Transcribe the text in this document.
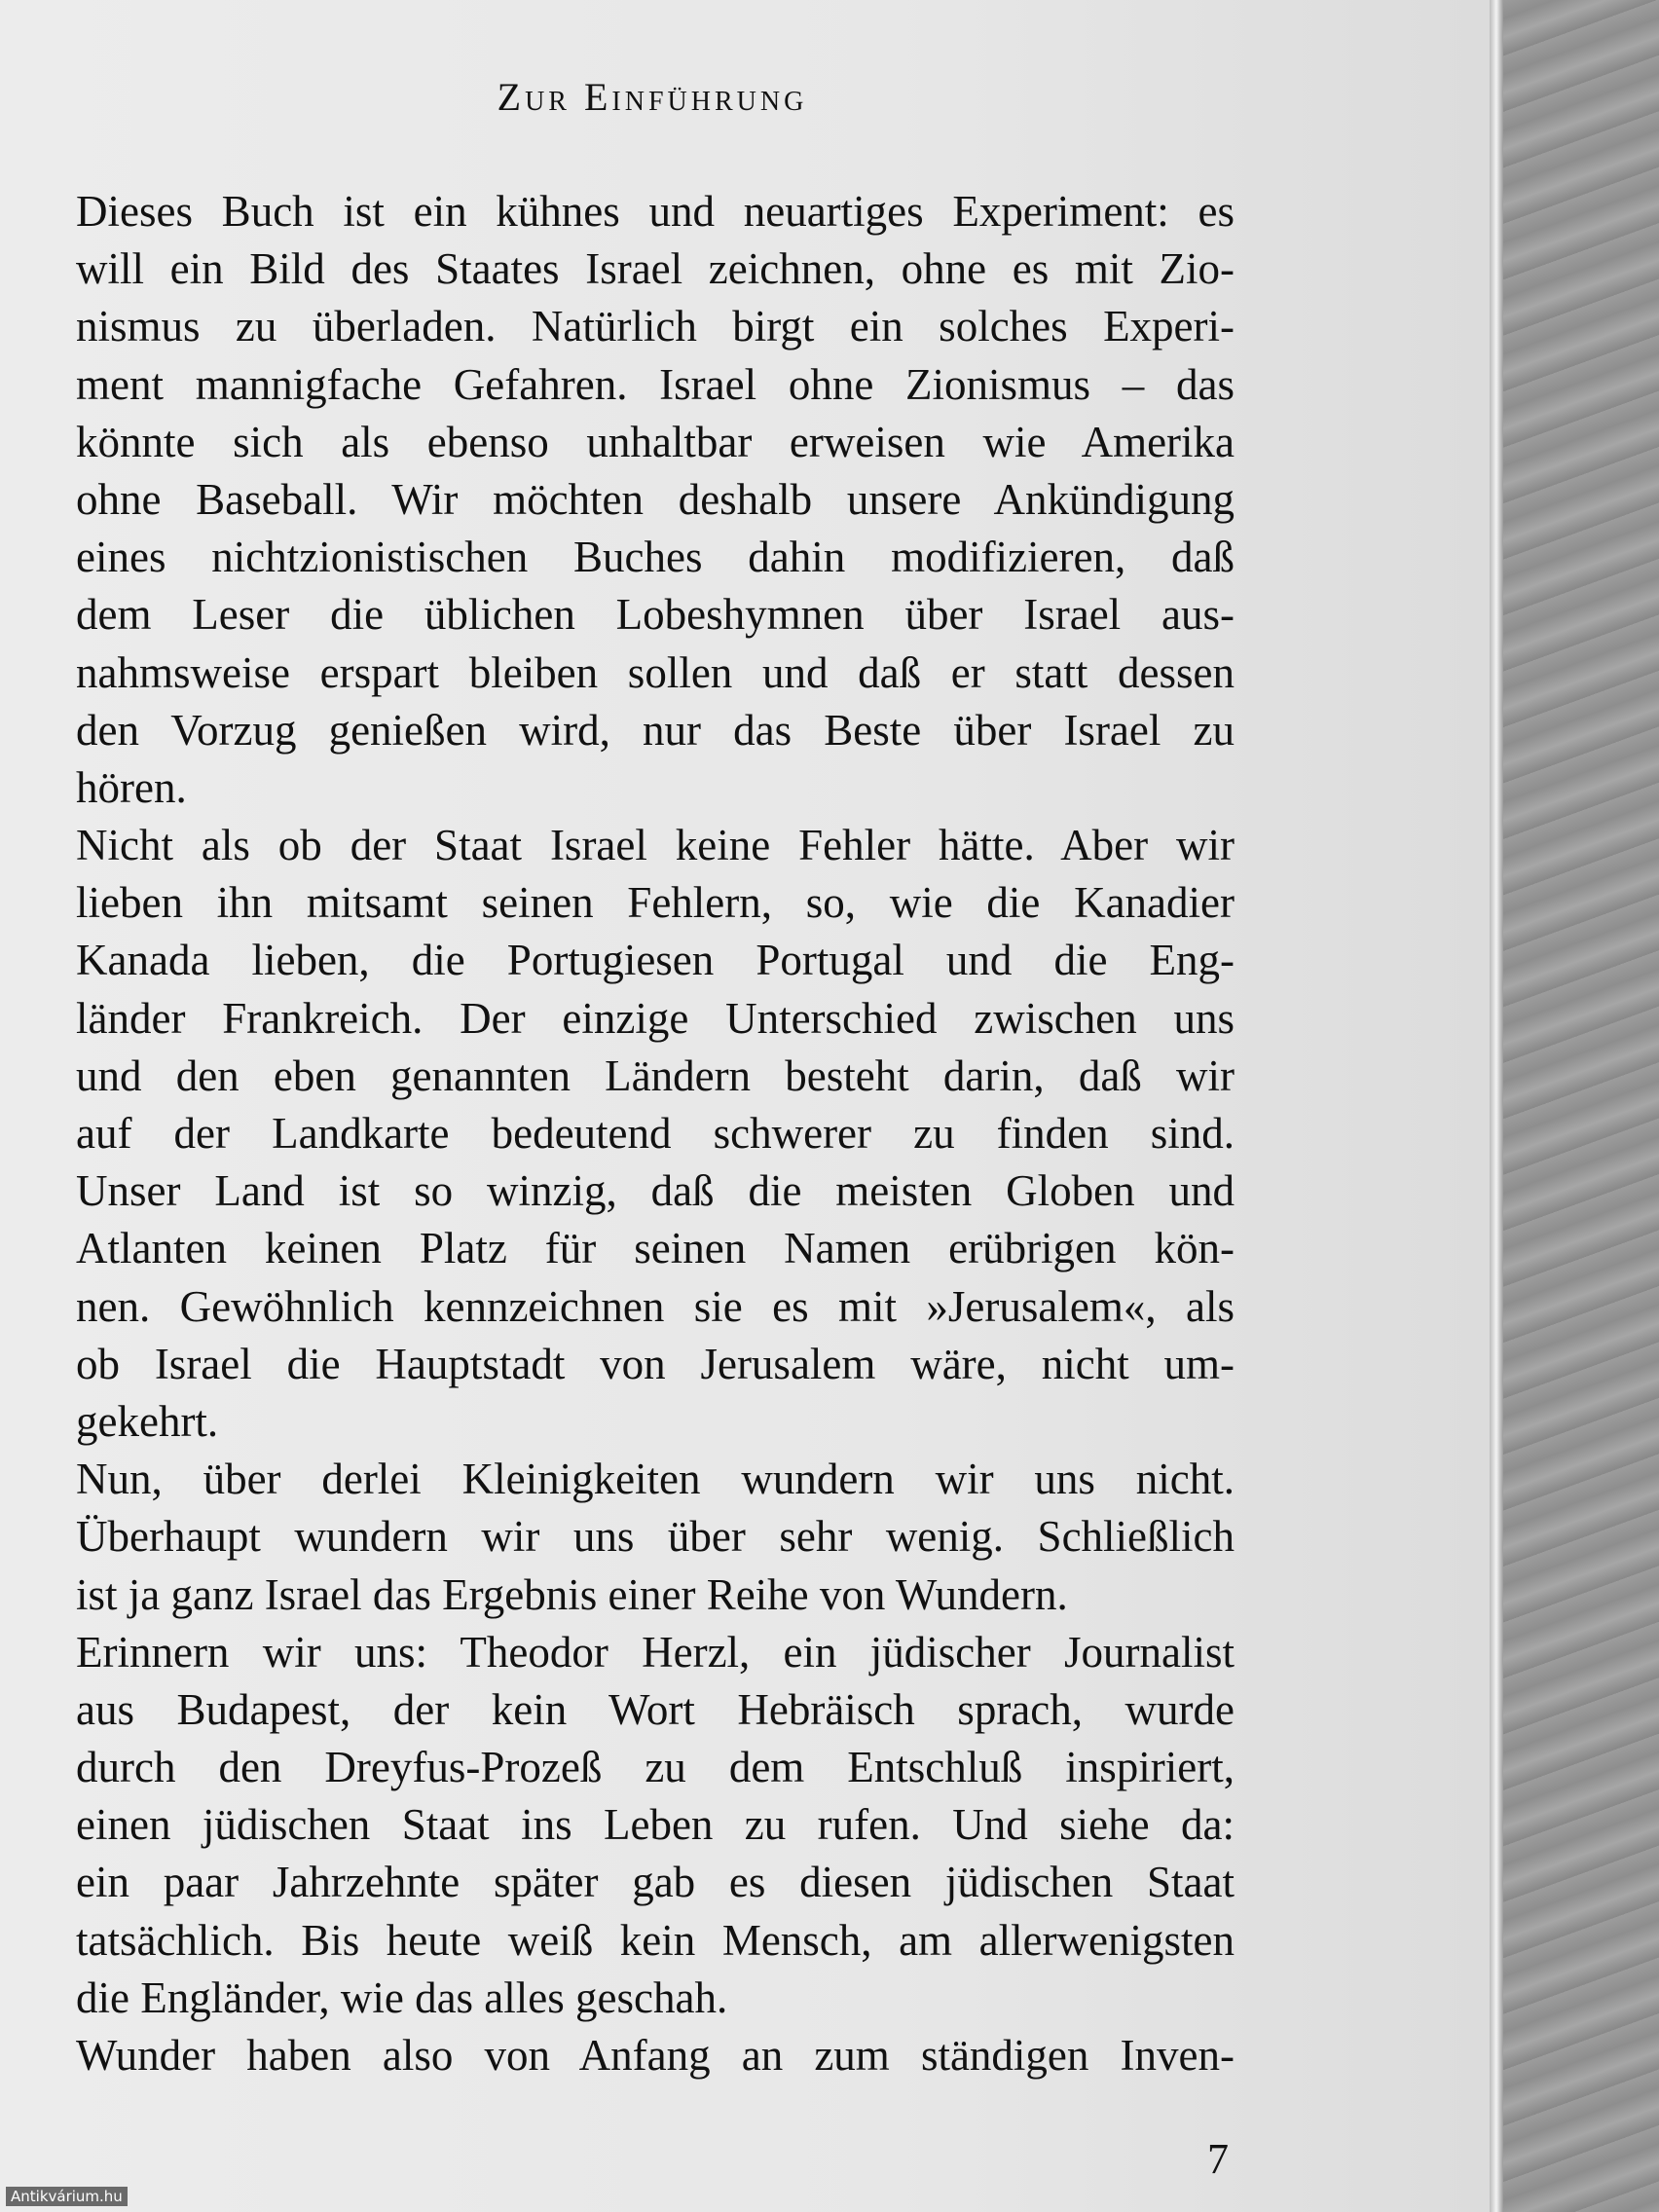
Zur Einführung
Dieses Buch ist ein kühnes und neuartiges Experiment: es
will ein Bild des Staates Israel zeichnen, ohne es mit Zio-
nismus zu überladen. Natürlich birgt ein solches Experi-
ment mannigfache Gefahren. Israel ohne Zionismus – das
könnte sich als ebenso unhaltbar erweisen wie Amerika
ohne Baseball. Wir möchten deshalb unsere Ankündigung
eines nichtzionistischen Buches dahin modifizieren, daß
dem Leser die üblichen Lobeshymnen über Israel aus-
nahmsweise erspart bleiben sollen und daß er statt dessen
den Vorzug genießen wird, nur das Beste über Israel zu
hören.
Nicht als ob der Staat Israel keine Fehler hätte. Aber wir
lieben ihn mitsamt seinen Fehlern, so, wie die Kanadier
Kanada lieben, die Portugiesen Portugal und die Eng-
länder Frankreich. Der einzige Unterschied zwischen uns
und den eben genannten Ländern besteht darin, daß wir
auf der Landkarte bedeutend schwerer zu finden sind.
Unser Land ist so winzig, daß die meisten Globen und
Atlanten keinen Platz für seinen Namen erübrigen kön-
nen. Gewöhnlich kennzeichnen sie es mit »Jerusalem«, als
ob Israel die Hauptstadt von Jerusalem wäre, nicht um-
gekehrt.
Nun, über derlei Kleinigkeiten wundern wir uns nicht.
Überhaupt wundern wir uns über sehr wenig. Schließlich
ist ja ganz Israel das Ergebnis einer Reihe von Wundern.
Erinnern wir uns: Theodor Herzl, ein jüdischer Journalist
aus Budapest, der kein Wort Hebräisch sprach, wurde
durch den Dreyfus-Prozeß zu dem Entschluß inspiriert,
einen jüdischen Staat ins Leben zu rufen. Und siehe da:
ein paar Jahrzehnte später gab es diesen jüdischen Staat
tatsächlich. Bis heute weiß kein Mensch, am allerwenigsten
die Engländer, wie das alles geschah.
Wunder haben also von Anfang an zum ständigen Inven-
7
Antikvárium.hu
